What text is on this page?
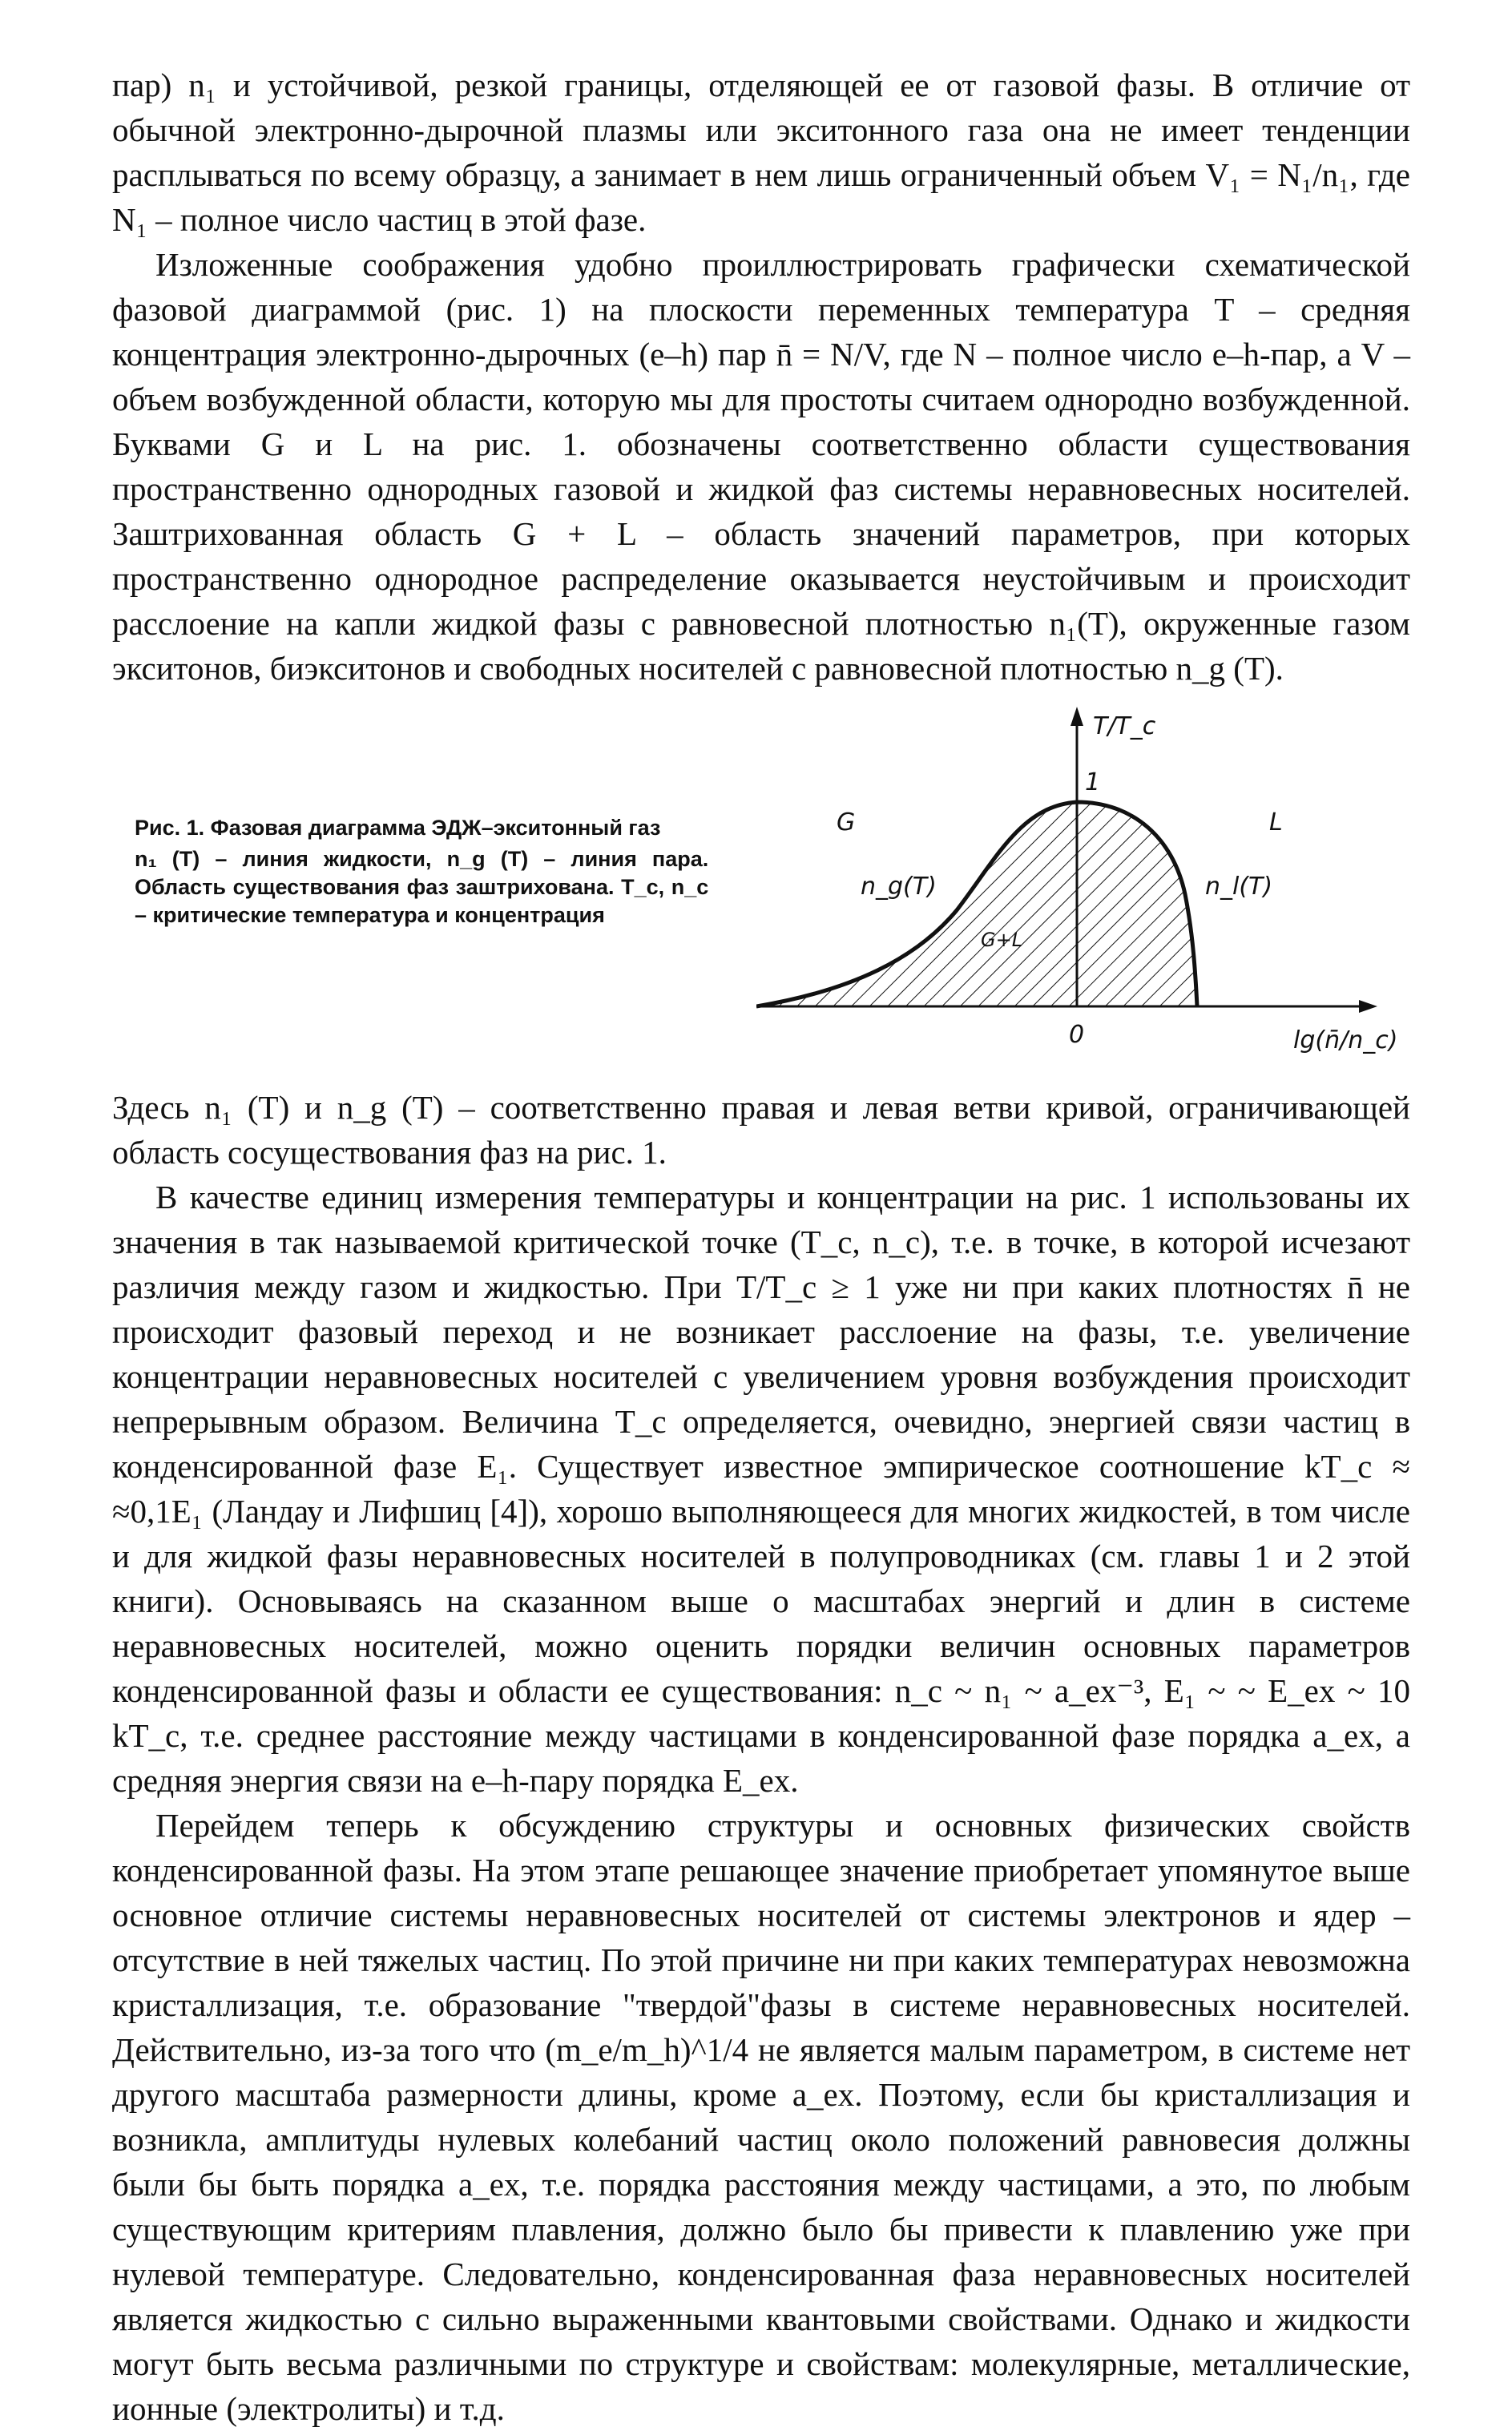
пар) n₁ и устойчивой, резкой границы, отделяющей ее от газовой фазы. В отличие от обычной электронно-дырочной плазмы или экситонного газа она не имеет тенденции расплываться по всему образцу, а занимает в нем лишь ограниченный объем V₁ = N₁/n₁, где N₁ – полное число частиц в этой фазе.

Изложенные соображения удобно проиллюстрировать графически схематической фазовой диаграммой (рис. 1) на плоскости переменных температура T – средняя концентрация электронно-дырочных (e–h) пар n̄ = N/V, где N – полное число e–h-пар, а V – объем возбужденной области, которую мы для простоты считаем однородно возбужденной. Буквами G и L на рис. 1. обозначены соответственно области существования пространственно однородных газовой и жидкой фаз системы неравновесных носителей. Заштрихованная область G + L – область значений параметров, при которых пространственно однородное распределение оказывается неустойчивым и происходит расслоение на капли жидкой фазы с равновесной плотностью n₁(T), окруженные газом экситонов, биэкситонов и свободных носителей с равновесной плотностью n_g (T).

Рис. 1. Фазовая диаграмма ЭДЖ–экситонный газ
n₁ (T) – линия жидкости, n_g (T) – линия пара. Область существования фаз заштрихована. T_c, n_c – критические температура и концентрация
T/T_c
1
0	lg(n̄/n_c)
G	L
G+L
n_g(T)	n_l(T)

Здесь n₁ (T) и n_g (T) – соответственно правая и левая ветви кривой, ограничивающей область сосуществования фаз на рис. 1.

В качестве единиц измерения температуры и концентрации на рис. 1 использованы их значения в так называемой критической точке (T_c, n_c), т.е. в точке, в которой исчезают различия между газом и жидкостью. При T/T_c ≥ 1 уже ни при каких плотностях n̄ не происходит фазовый переход и не возникает расслоение на фазы, т.е. увеличение концентрации неравновесных носителей с увеличением уровня возбуждения происходит непрерывным образом. Величина T_c определяется, очевидно, энергией связи частиц в конденсированной фазе E₁. Существует известное эмпирическое соотношение kT_c ≈ ≈0,1E₁ (Ландау и Лифшиц [4]), хорошо выполняющееся для многих жидкостей, в том числе и для жидкой фазы неравновесных носителей в полупроводниках (см. главы 1 и 2 этой книги). Основываясь на сказанном выше о масштабах энергий и длин в системе неравновесных носителей, можно оценить порядки величин основных параметров конденсированной фазы и области ее существования: n_c ~ n₁ ~ a_ex⁻³, E₁ ~ ~ E_ex ~ 10 kT_c, т.е. среднее расстояние между частицами в конденсированной фазе порядка a_ex, а средняя энергия связи на e–h-пару порядка E_ex.

Перейдем теперь к обсуждению структуры и основных физических свойств конденсированной фазы. На этом этапе решающее значение приобретает упомянутое выше основное отличие системы неравновесных носителей от системы электронов и ядер – отсутствие в ней тяжелых частиц. По этой причине ни при каких температурах невозможна кристаллизация, т.е. образование "твердой"фазы в системе неравновесных носителей. Действительно, из-за того что (m_e/m_h)^1/4 не является малым параметром, в системе нет другого масштаба размерности длины, кроме a_ex. Поэтому, если бы кристаллизация и возникла, амплитуды нулевых колебаний частиц около положений равновесия должны были бы быть порядка a_ex, т.е. порядка расстояния между частицами, а это, по любым существующим критериям плавления, должно было бы привести к плавлению уже при нулевой температуре. Следовательно, конденсированная фаза неравновесных носителей является жидкостью с сильно выраженными квантовыми свойствами. Однако и жидкости могут быть весьма различными по структуре и свойствам: молекулярные, металлические, ионные (электролиты) и т.д.
